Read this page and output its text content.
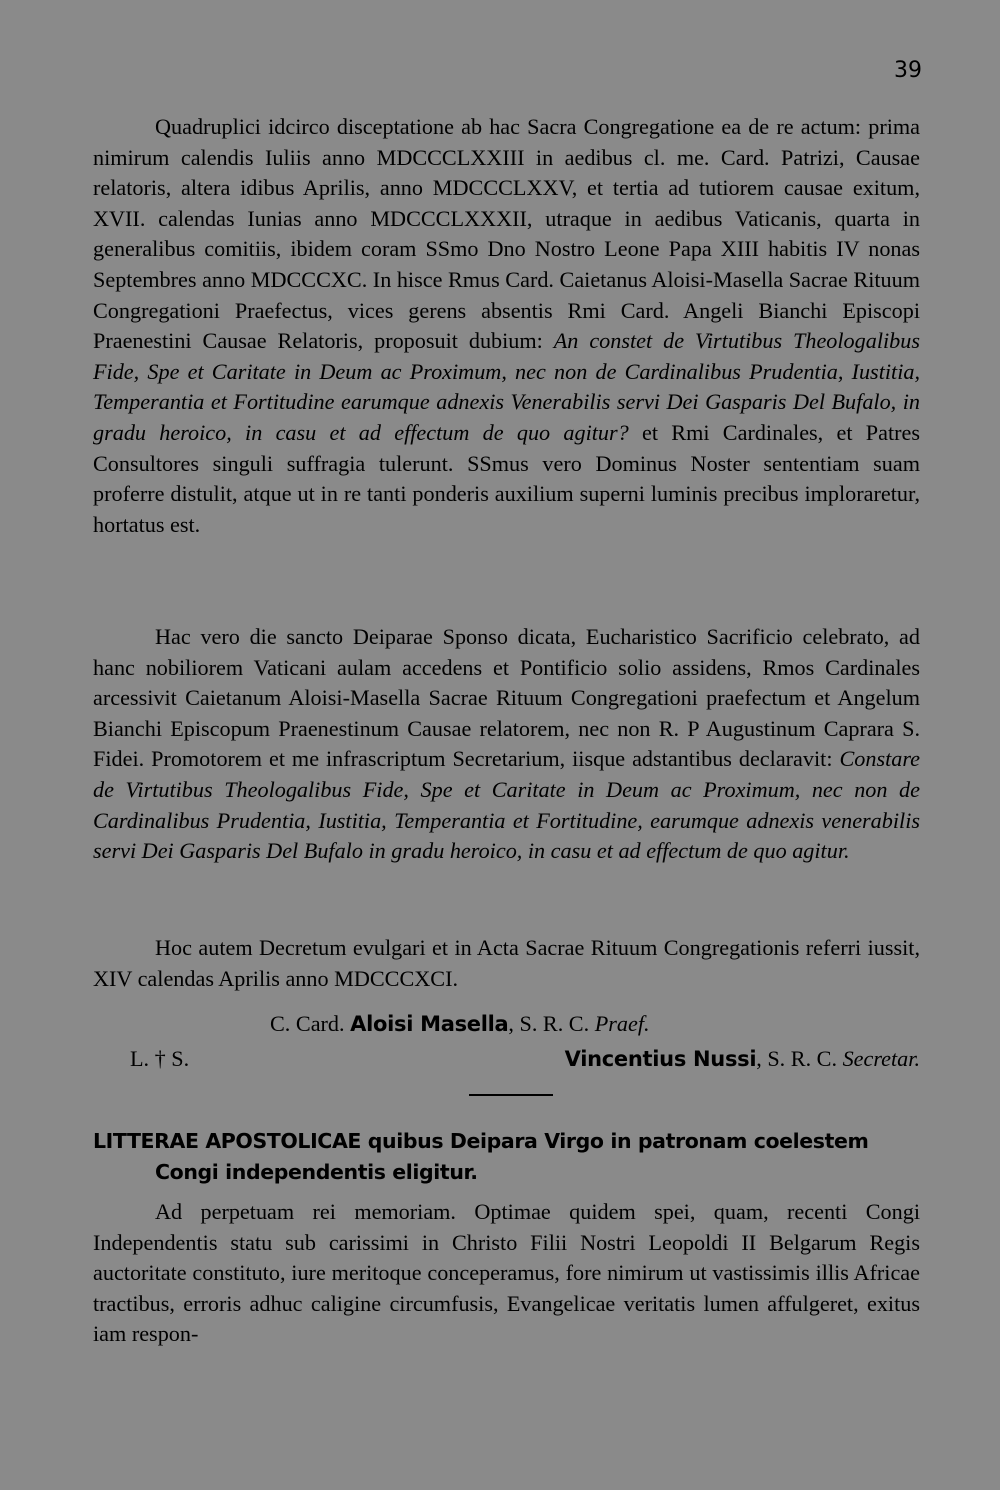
39

Quadruplici idcirco disceptatione ab hac Sacra Congregatione ea de re actum: prima nimirum calendis Iuliis anno MDCCCLXXIII in aedibus cl. me. Card. Patrizi, Causae relatoris, altera idibus Aprilis, anno MDCCCLXXV, et tertia ad tutiorem causae exitum, XVII. calendas Iunias anno MDCCCLXXXII, utraque in aedibus Vaticanis, quarta in generalibus comitiis, ibidem coram SSmo Dno Nostro Leone Papa XIII habitis IV nonas Septembres anno MDCCCXC. In hisce Rmus Card. Caietanus Aloisi-Masella Sacrae Rituum Congregationi Praefectus, vices gerens absentis Rmi Card. Angeli Bianchi Episcopi Praenestini Causae Relatoris, proposuit dubium: An constet de Virtutibus Theologalibus Fide, Spe et Caritate in Deum ac Proximum, nec non de Cardinalibus Prudentia, Iustitia, Temperantia et Fortitudine earumque adnexis Venerabilis servi Dei Gasparis Del Bufalo, in gradu heroico, in casu et ad effectum de quo agitur? et Rmi Cardinales, et Patres Consultores singuli suffragia tulerunt. SSmus vero Dominus Noster sententiam suam proferre distulit, atque ut in re tanti ponderis auxilium superni luminis precibus imploraretur, hortatus est.

Hac vero die sancto Deiparae Sponso dicata, Eucharistico Sacrificio celebrato, ad hanc nobiliorem Vaticani aulam accedens et Pontificio solio assidens, Rmos Cardinales arcessivit Caietanum Aloisi-Masella Sacrae Rituum Congregationi praefectum et Angelum Bianchi Episcopum Praenestinum Causae relatorem, nec non R. P Augustinum Caprara S. Fidei. Promotorem et me infrascriptum Secretarium, iisque adstantibus declaravit: Constare de Virtutibus Theologalibus Fide, Spe et Caritate in Deum ac Proximum, nec non de Cardinalibus Prudentia, Iustitia, Temperantia et Fortitudine, earumque adnexis venerabilis servi Dei Gasparis Del Bufalo in gradu heroico, in casu et ad effectum de quo agitur.

Hoc autem Decretum evulgari et in Acta Sacrae Rituum Congregationis referri iussit, XIV calendas Aprilis anno MDCCCXCI.

C. Card. Aloisi Masella, S. R. C. Praef.
L. † S.	Vincentius Nussi, S. R. C. Secretar.
LITTERAE APOSTOLICAE quibus Deipara Virgo in patronam coelestem
Congi independentis eligitur.

Ad perpetuam rei memoriam. Optimae quidem spei, quam, recenti Congi Independentis statu sub carissimi in Christo Filii Nostri Leopoldi II Belgarum Regis auctoritate constituto, iure meritoque conceperamus, fore nimirum ut vastissimis illis Africae tractibus, erroris adhuc caligine circumfusis, Evangelicae veritatis lumen affulgeret, exitus iam respon-
